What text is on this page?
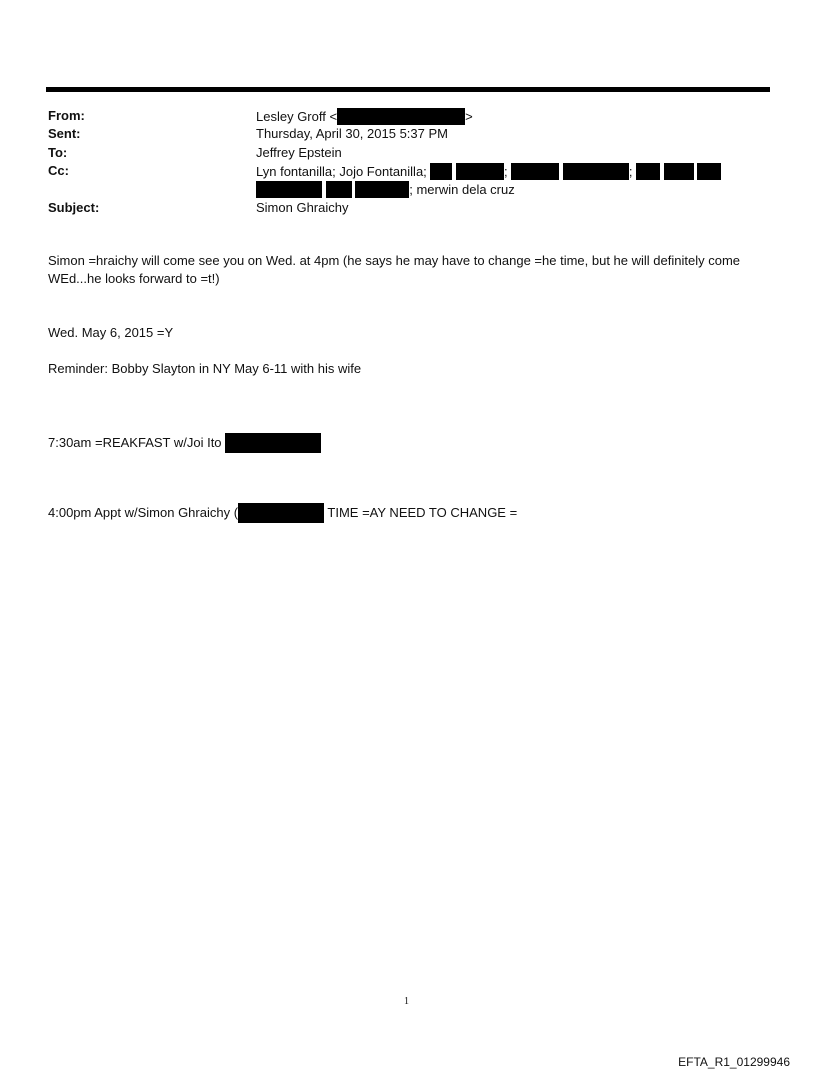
From:	Lesley Groff <	>
Sent:	Thursday, April 30, 2015 5:37 PM
To:	Jeffrey Epstein
Cc:	Lyn fontanilla; Jojo Fontanilla;	;	;
; merwin dela cruz
Subject:	Simon Ghraichy
Simon =hraichy will come see you on Wed. at 4pm (he says he may have to change =he time, but he will definitely come WEd...he looks forward to =t!)
Wed. May 6, 2015 =Y
Reminder: Bobby Slayton in NY May 6-11 with his wife
7:30am =REAKFAST w/Joi Ito
4:00pm Appt w/Simon Ghraichy (	TIME =AY NEED TO CHANGE =
1
EFTA_R1_01299946
